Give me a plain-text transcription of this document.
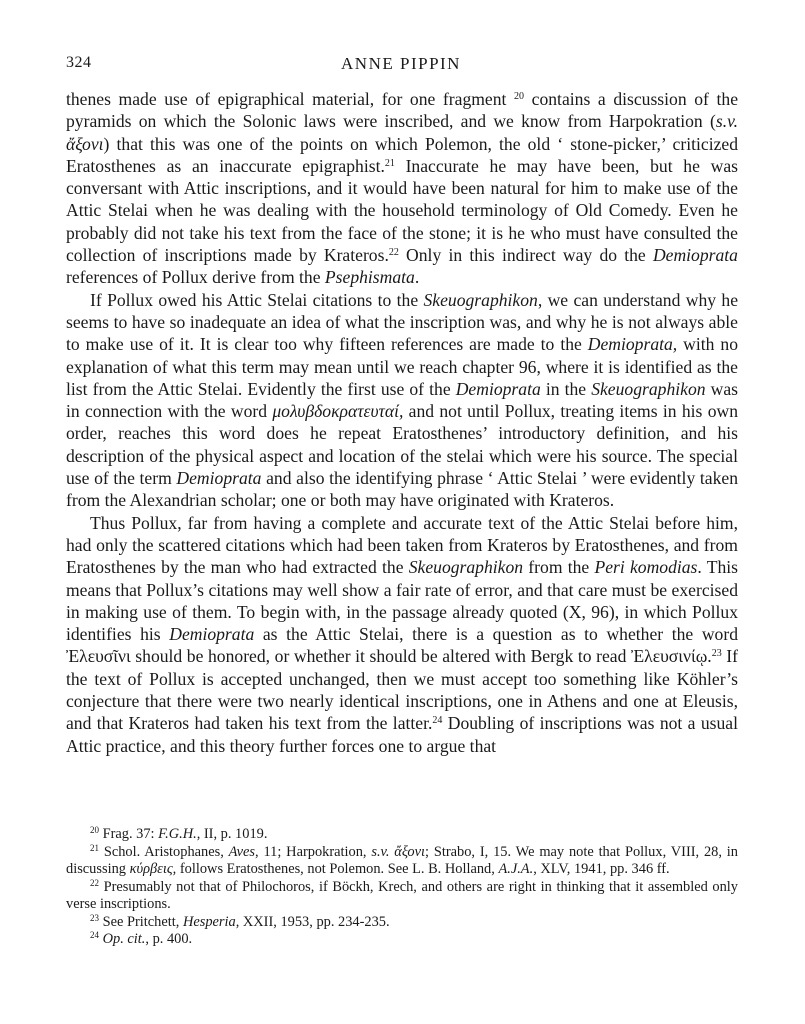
324	ANNE PIPPIN

thenes made use of epigraphical material, for one fragment $^{20}$ contains a discussion of the pyramids on which the Solonic laws were inscribed, and we know from Harpokration (s.v. ἄξονι) that this was one of the points on which Polemon, the old ‘ stone-picker,’ criticized Eratosthenes as an inaccurate epigraphist.$^{21}$ Inaccurate he may have been, but he was conversant with Attic inscriptions, and it would have been natural for him to make use of the Attic Stelai when he was dealing with the household terminology of Old Comedy. Even he probably did not take his text from the face of the stone; it is he who must have consulted the collection of inscriptions made by Krateros.$^{22}$ Only in this indirect way do the Demioprata references of Pollux derive from the Psephismata.

If Pollux owed his Attic Stelai citations to the Skeuographikon, we can understand why he seems to have so inadequate an idea of what the inscription was, and why he is not always able to make use of it. It is clear too why fifteen references are made to the Demioprata, with no explanation of what this term may mean until we reach chapter 96, where it is identified as the list from the Attic Stelai. Evidently the first use of the Demioprata in the Skeuographikon was in connection with the word μολυβδοκρατευταί, and not until Pollux, treating items in his own order, reaches this word does he repeat Eratosthenes’ introductory definition, and his description of the physical aspect and location of the stelai which were his source. The special use of the term Demioprata and also the identifying phrase ‘ Attic Stelai ’ were evidently taken from the Alexandrian scholar; one or both may have originated with Krateros.

Thus Pollux, far from having a complete and accurate text of the Attic Stelai before him, had only the scattered citations which had been taken from Krateros by Eratosthenes, and from Eratosthenes by the man who had extracted the Skeuographikon from the Peri komodias. This means that Pollux’s citations may well show a fair rate of error, and that care must be exercised in making use of them. To begin with, in the passage already quoted (X, 96), in which Pollux identifies his Demioprata as the Attic Stelai, there is a question as to whether the word Ἐλευσῖνι should be honored, or whether it should be altered with Bergk to read Ἐλευσινίῳ.$^{23}$ If the text of Pollux is accepted unchanged, then we must accept too something like Köhler’s conjecture that there were two nearly identical inscriptions, one in Athens and one at Eleusis, and that Krateros had taken his text from the latter.$^{24}$ Doubling of inscriptions was not a usual Attic practice, and this theory further forces one to argue that

$^{20}$ Frag. 37: F.G.H., II, p. 1019.

$^{21}$ Schol. Aristophanes, Aves, 11; Harpokration, s.v. ἄξονι; Strabo, I, 15. We may note that Pollux, VIII, 28, in discussing κύρβεις, follows Eratosthenes, not Polemon. See L. B. Holland, A.J.A., XLV, 1941, pp. 346 ff.

$^{22}$ Presumably not that of Philochoros, if Böckh, Krech, and others are right in thinking that it assembled only verse inscriptions.

$^{23}$ See Pritchett, Hesperia, XXII, 1953, pp. 234-235.

$^{24}$ Op. cit., p. 400.
